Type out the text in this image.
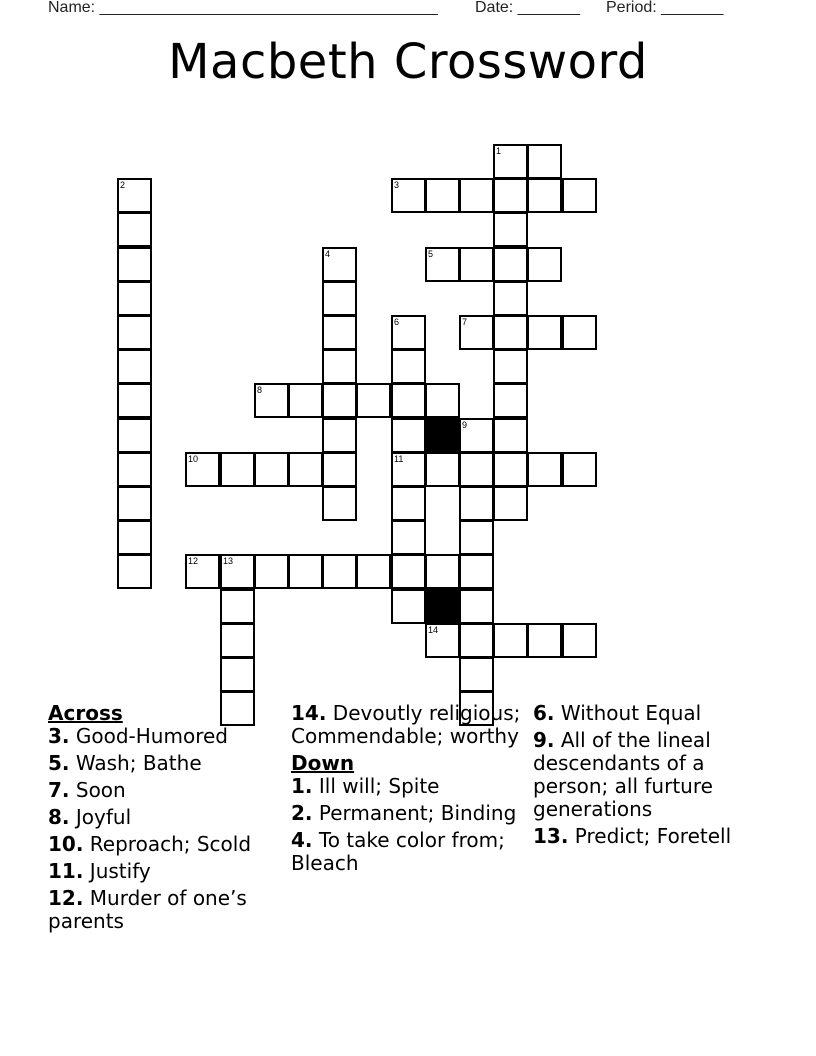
Name: ______________________________________ Date: _______ Period: _______
Macbeth Crossword
1
2	3
4	5
6	7
8
9
10	11
12	13
14
Across
3. Good-Humored
5. Wash; Bathe
7. Soon
8. Joyful
10. Reproach; Scold
11. Justify
12. Murder of one’s parents
14. Devoutly religious; Commendable; worthy
Down
1. Ill will; Spite
2. Permanent; Binding
4. To take color from; Bleach
6. Without Equal
9. All of the lineal descendants of a person; all furture generations
13. Predict; Foretell
